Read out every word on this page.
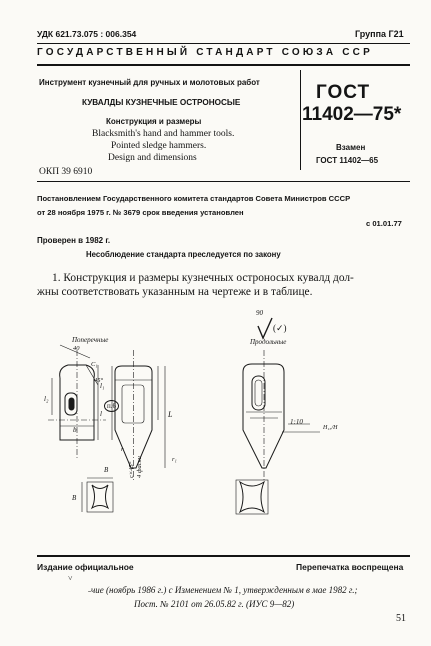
УДК 621.73.075 : 006.354	Группа Г21
ГОСУДАРСТВЕННЫЙ СТАНДАРТ СОЮЗА ССР
Инструмент кузнечный для ручных и молотовых работ
КУВАЛДЫ КУЗНЕЧНЫЕ ОСТРОНОСЫЕ
Конструкция и размеры
Blacksmith's hand and hammer tools.
Pointed sledge hammers.
Design and dimensions
ГОСТ
11402—75*
Взамен
ГОСТ 11402—65
ОКП 39 6910
Постановлением Государственного комитета стандартов Совета Министров СССР
от 28 ноября 1975 г. № 3679 срок введения установлен
с 01.01.77
Проверен в 1982 г.
Несоблюдение стандарта преследуется по закону
1. Конструкция и размеры кузнечных остроносых кувалд дол-
жны соответствовать указанным на чертеже и в таблице.
Поперечные
90
(✓)
Продольные
40
C₁
45°
l₂
b
l₁
l
п.6
L
r₁
r
1:10
H₁₅/H
B
B
с×45° 4 фаски
Издание официальное	Перепечатка воспрещена
˅
˗чие (ноябрь 1986 г.) с Изменением № 1, утвержденным в мае 1982 г.;
Пост. № 2101 от 26.05.82 г. (ИУС 9—82)
51
